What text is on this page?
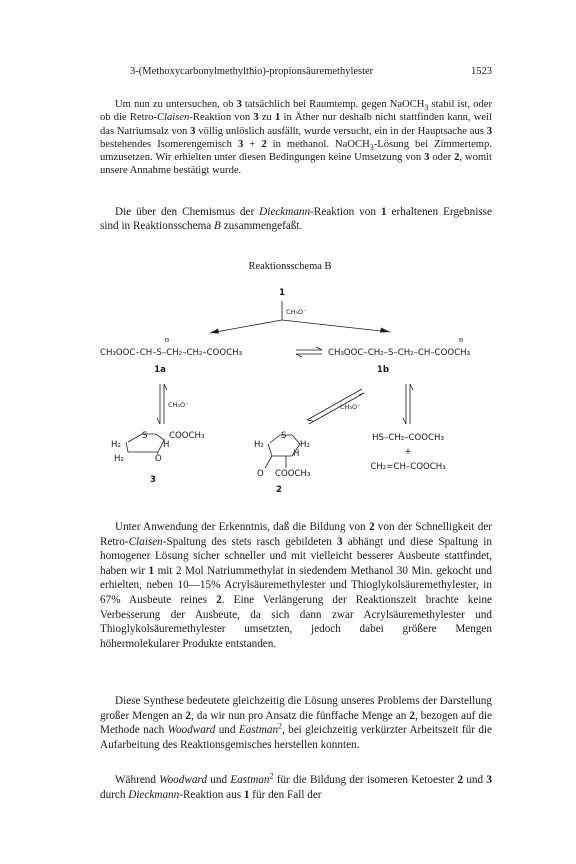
3-(Methoxycarbonylmethylthio)-propionsäuremethylester	1523

Um nun zu untersuchen, ob 3 tatsächlich bei Raumtemp. gegen NaOCH$_3$ stabil ist, oder ob die Retro-Claisen-Reaktion von 3 zu 1 in Äther nur deshalb nicht stattfinden kann, weil das Natriumsalz von 3 völlig unlöslich ausfällt, wurde versucht, ein in der Hauptsache aus 3 bestehendes Isomerengemisch 3 + 2 in methanol. NaOCH$_3$-Lösung bei Zimmertemp. umzusetzen. Wir erhielten unter diesen Bedingungen keine Umsetzung von 3 oder 2, womit unsere Annahme bestätigt wurde.

Die über den Chemismus der Dieckmann-Reaktion von 1 erhaltenen Ergebnisse sind in Reaktionsschema B zusammengefaßt.

Reaktionsschema B
1
CH₃O⁻
⊖
CH₃OOC–CH–S–CH₂–CH₂–COOCH₃
1a
⊖
CH₃OOC–CH₂–S–CH₂–CH–COOCH₃
1b
CH₃O⁻	CH₃O⁻
S	COOCH₃
H₂	H
H₂	O
3
H₂
S
H₂
H
O COOCH₃
2
HS–CH₂–COOCH₃
+
CH₂=CH–COOCH₃

Unter Anwendung der Erkenntnis, daß die Bildung von 2 von der Schnelligkeit der Retro-Claisen-Spaltung des stets rasch gebildeten 3 abhängt und diese Spaltung in homogener Lösung sicher schneller und mit vielleicht besserer Ausbeute stattfindet, haben wir 1 mit 2 Mol Natriummethylat in siedendem Methanol 30 Min. gekocht und erhielten, neben 10—15% Acrylsäuremethylester und Thioglykolsäuremethylester, in 67% Ausbeute reines 2. Eine Verlängerung der Reaktionszeit brachte keine Verbesserung der Ausbeute, da sich dann zwar Acrylsäuremethylester und Thioglykolsäuremethylester umsetzten, jedoch dabei größere Mengen höhermolekularer Produkte entstanden.

Diese Synthese bedeutete gleichzeitig die Lösung unseres Problems der Darstellung großer Mengen an 2, da wir nun pro Ansatz die fünffache Menge an 2, bezogen auf die Methode nach Woodward und Eastman$^2$, bei gleichzeitig verkürzter Arbeitszeit für die Aufarbeitung des Reaktionsgemisches herstellen konnten.

Während Woodward und Eastman$^2$ für die Bildung der isomeren Ketoester 2 und 3 durch Dieckmann-Reaktion aus 1 für den Fall der
